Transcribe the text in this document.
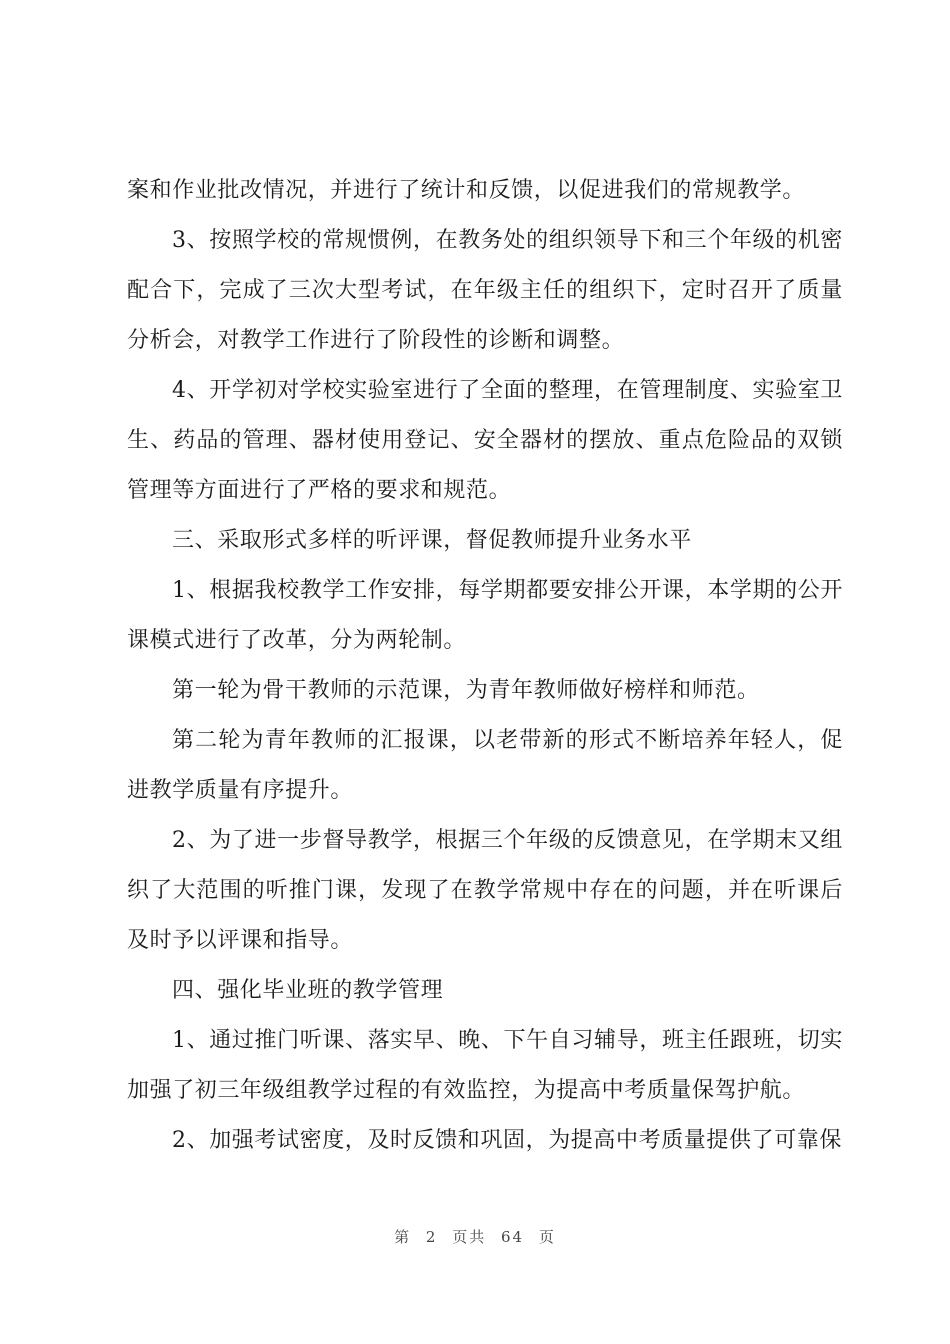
案和作业批改情况，并进行了统计和反馈，以促进我们的常规教学。

3、按照学校的常规惯例，在教务处的组织领导下和三个年级的机密配合下，完成了三次大型考试，在年级主任的组织下，定时召开了质量分析会，对教学工作进行了阶段性的诊断和调整。

4、开学初对学校实验室进行了全面的整理，在管理制度、实验室卫生、药品的管理、器材使用登记、安全器材的摆放、重点危险品的双锁管理等方面进行了严格的要求和规范。

三、采取形式多样的听评课，督促教师提升业务水平

1、根据我校教学工作安排，每学期都要安排公开课，本学期的公开课模式进行了改革，分为两轮制。

第一轮为骨干教师的示范课，为青年教师做好榜样和师范。

第二轮为青年教师的汇报课，以老带新的形式不断培养年轻人，促进教学质量有序提升。

2、为了进一步督导教学，根据三个年级的反馈意见，在学期末又组织了大范围的听推门课，发现了在教学常规中存在的问题，并在听课后及时予以评课和指导。

四、强化毕业班的教学管理

1、通过推门听课、落实早、晚、下午自习辅导，班主任跟班，切实加强了初三年级组教学过程的有效监控，为提高中考质量保驾护航。

2、加强考试密度，及时反馈和巩固，为提高中考质量提供了可靠保

第 2 页共 64 页
